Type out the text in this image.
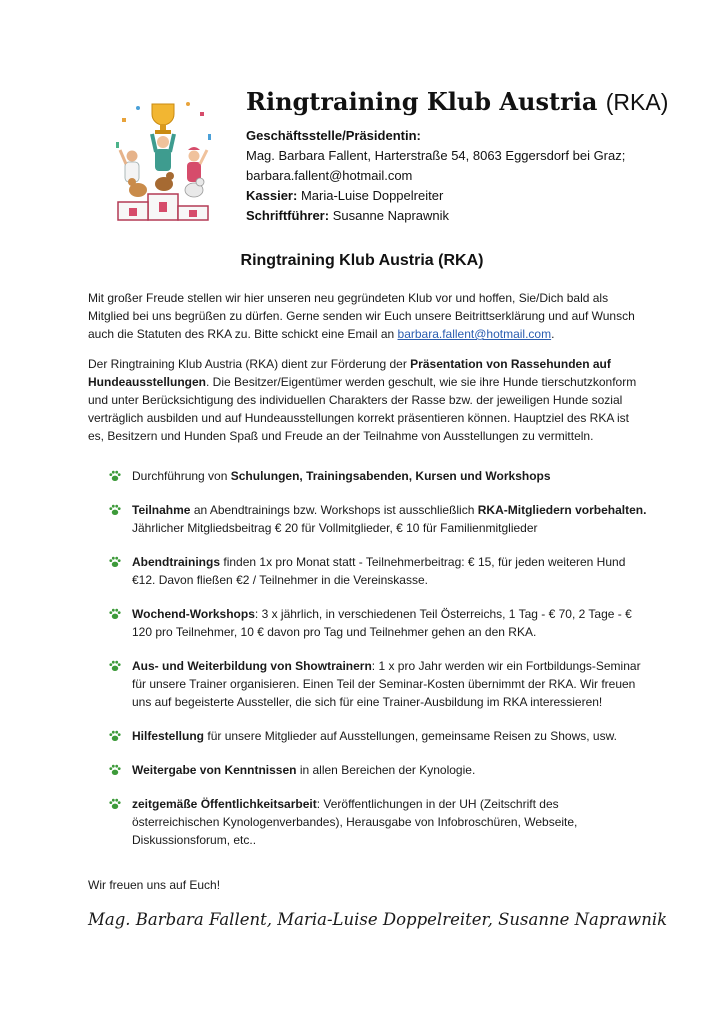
Ringtraining Klub Austria (RKA)
Geschäftsstelle/Präsidentin:
Mag. Barbara Fallent, Harterstraße 54, 8063 Eggersdorf bei Graz;
barbara.fallent@hotmail.com
Kassier: Maria-Luise Doppelreiter
Schriftführer: Susanne Naprawnik
Ringtraining Klub Austria (RKA)
Mit großer Freude stellen wir hier unseren neu gegründeten Klub vor und hoffen, Sie/Dich bald als Mitglied bei uns begrüßen zu dürfen. Gerne senden wir Euch unsere Beitrittserklärung und auf Wunsch auch die Statuten des RKA zu. Bitte schickt eine Email an barbara.fallent@hotmail.com.
Der Ringtraining Klub Austria (RKA) dient zur Förderung der Präsentation von Rassehunden auf Hundeausstellungen. Die Besitzer/Eigentümer werden geschult, wie sie ihre Hunde tierschutzkonform und unter Berücksichtigung des individuellen Charakters der Rasse bzw. der jeweiligen Hunde sozial verträglich ausbilden und auf Hundeausstellungen korrekt präsentieren können. Hauptziel des RKA ist es, Besitzern und Hunden Spaß und Freude an der Teilnahme von Ausstellungen zu vermitteln.
Durchführung von Schulungen, Trainingsabenden, Kursen und Workshops
Teilnahme an Abendtrainings bzw. Workshops ist ausschließlich RKA-Mitgliedern vorbehalten.
Jährlicher Mitgliedsbeitrag € 20 für Vollmitglieder, € 10 für Familienmitglieder
Abendtrainings finden 1x pro Monat statt - Teilnehmerbeitrag: € 15, für jeden weiteren Hund €12. Davon fließen €2 / Teilnehmer in die Vereinskasse.
Wochend-Workshops: 3 x jährlich, in verschiedenen Teil Österreichs, 1 Tag - € 70, 2 Tage - € 120 pro Teilnehmer, 10 € davon pro Tag und Teilnehmer gehen an den RKA.
Aus- und Weiterbildung von Showtrainern: 1 x pro Jahr werden wir ein Fortbildungs-Seminar für unsere Trainer organisieren. Einen Teil der Seminar-Kosten übernimmt der RKA. Wir freuen uns auf begeisterte Aussteller, die sich für eine Trainer-Ausbildung im RKA interessieren!
Hilfestellung für unsere Mitglieder auf Ausstellungen, gemeinsame Reisen zu Shows, usw.
Weitergabe von Kenntnissen in allen Bereichen der Kynologie.
zeitgemäße Öffentlichkeitsarbeit: Veröffentlichungen in der UH (Zeitschrift des österreichischen Kynologenverbandes), Herausgabe von Infobroschüren, Webseite, Diskussionsforum, etc..
Wir freuen uns auf Euch!
Mag. Barbara Fallent, Maria-Luise Doppelreiter, Susanne Naprawnik
